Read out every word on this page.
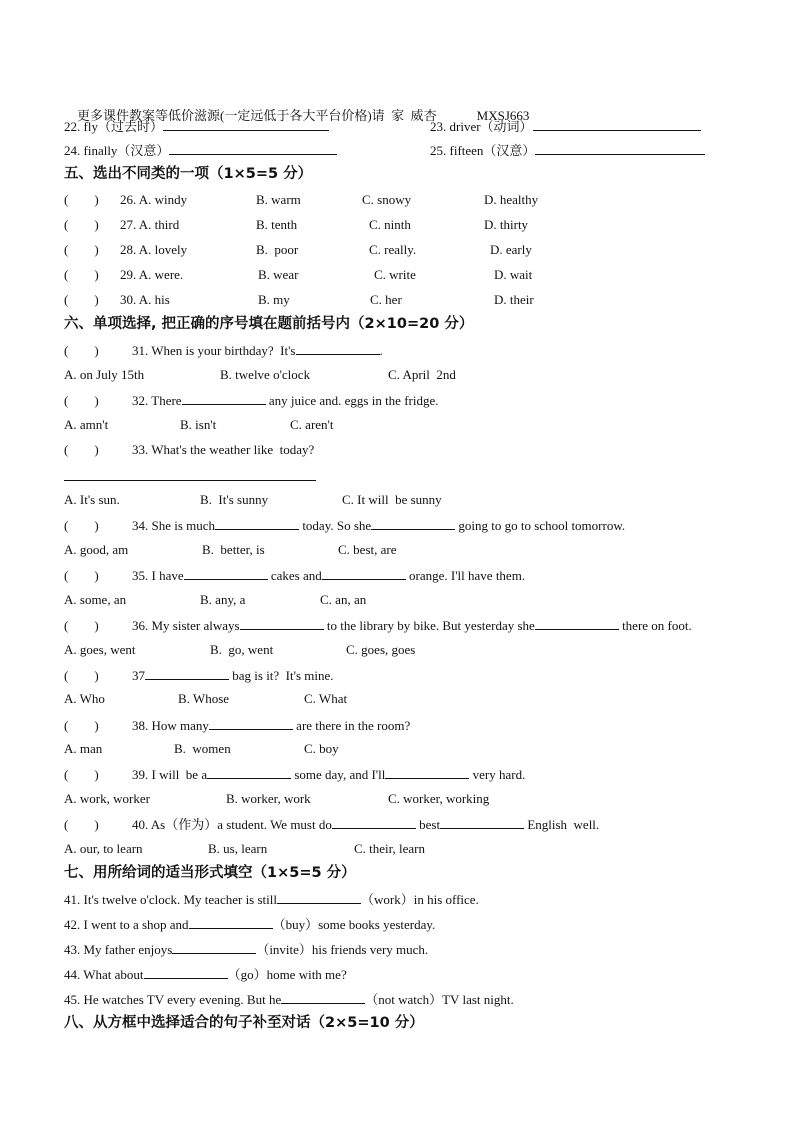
更多课件教案等低价滋源(一定远低于各大平台价格)请  家  威杏	MXSJ663

22. fly（过去时）	23. driver（动词）
24. finally（汉意）	25. fifteen（汉意）
五、选出不同类的一项（1×5=5 分）
(　　) 26. A. windy	B. warm	C. snowy	D. healthy
(　　) 27. A. third	B. tenth	C. ninth	D. thirty
(　　) 28. A. lovely	B.  poor	C. really.	D. early
(　　) 29. A. were.	B. wear	C. write	D. wait
(　　) 30. A. his	B. my	C. her	D. their
六、单项选择, 把正确的序号填在题前括号内（2×10=20 分）
(　　)	31. When is your birthday?  It's	.
A. on July 15th	B. twelve o'clock	C. April  2nd
(　　)	32. There	any juice and. eggs in the fridge.
A. amn't	B. isn't	C. aren't
(　　)	33. What's the weather like  today?
A. It's sun.	B.  It's sunny	C. It will  be sunny
(　　)	34. She is much	today. So she	going to go to school tomorrow.
A. good, am	B.  better, is	C. best, are
(　　)	35. I have	cakes and	orange. I'll have them.
A. some, an	B. any, a	C. an, an
(　　)	36. My sister always	to the library by bike. But yesterday she	there on foot.
A. goes, went	B.  go, went	C. goes, goes
(　　)	37	bag is it?  It's mine.
A. Who	B. Whose	C. What
(　　)	38. How many	are there in the room?
A. man	B.  women	C. boy
(　　)	39. I will  be a	some day, and I'll	very hard.
A. work, worker	B. worker, work	C. worker, working
(　　)	40. As（作为）a student. We must do	best	English  well.
A. our, to learn	B. us, learn	C. their, learn
七、用所给词的适当形式填空（1×5=5 分）
41. It's twelve o'clock. My teacher is still	（work）in his office.
42. I went to a shop and	（buy）some books yesterday.
43. My father enjoys	（invite）his friends very much.
44. What about	（go）home with me?
45. He watches TV every evening. But he	（not watch）TV last night.
八、从方框中选择适合的句子补至对话（2×5=10 分）
